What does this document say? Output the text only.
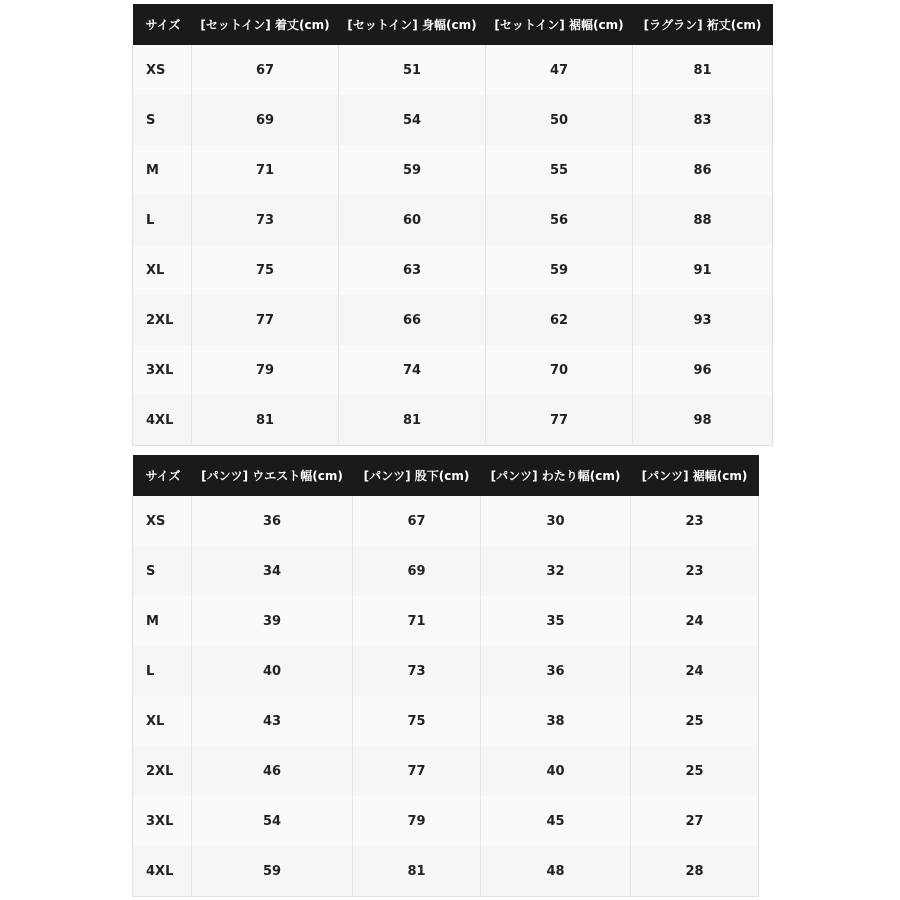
サイズ	[セットイン] 着丈(cm)	[セットイン] 身幅(cm)	[セットイン] 裾幅(cm)	[ラグラン] 裄丈(cm)
XS	67	51	47	81
S	69	54	50	83
M	71	59	55	86
L	73	60	56	88
XL	75	63	59	91
2XL	77	66	62	93
3XL	79	74	70	96
4XL	81	81	77	98
サイズ	[パンツ] ウエスト幅(cm)	[パンツ] 股下(cm)	[パンツ] わたり幅(cm)	[パンツ] 裾幅(cm)
XS	36	67	30	23
S	34	69	32	23
M	39	71	35	24
L	40	73	36	24
XL	43	75	38	25
2XL	46	77	40	25
3XL	54	79	45	27
4XL	59	81	48	28
